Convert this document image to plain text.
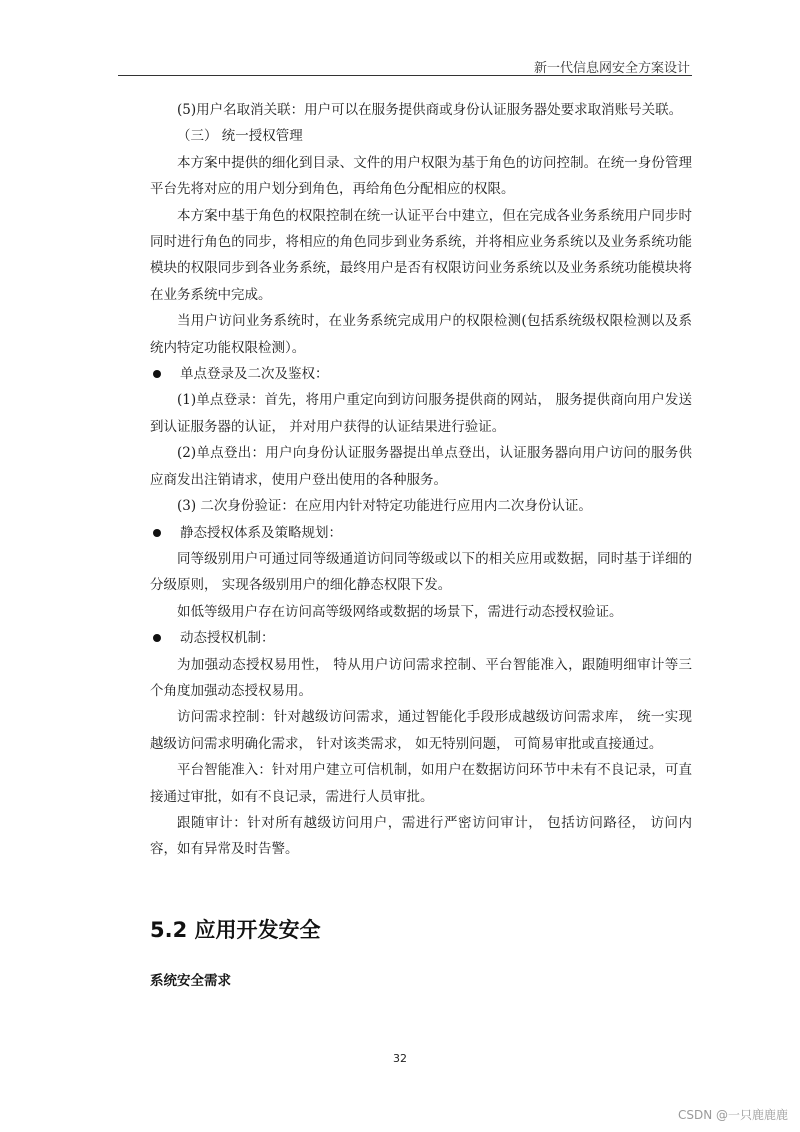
新一代信息网安全方案设计

(5)用户名取消关联：用户可以在服务提供商或身份认证服务器处要求取消账号关联。

（三） 统一授权管理

本方案中提供的细化到目录、文件的用户权限为基于角色的访问控制。在统一身份管理平台先将对应的用户划分到角色，再给角色分配相应的权限。

本方案中基于角色的权限控制在统一认证平台中建立，但在完成各业务系统用户同步时同时进行角色的同步，将相应的角色同步到业务系统，并将相应业务系统以及业务系统功能模块的权限同步到各业务系统，最终用户是否有权限访问业务系统以及业务系统功能模块将在业务系统中完成。

当用户访问业务系统时，在业务系统完成用户的权限检测(包括系统级权限检测以及系统内特定功能权限检测）。

单点登录及二次及鉴权：

(1)单点登录：首先，将用户重定向到访问服务提供商的网站， 服务提供商向用户发送到认证服务器的认证， 并对用户获得的认证结果进行验证。

(2)单点登出：用户向身份认证服务器提出单点登出，认证服务器向用户访问的服务供应商发出注销请求，使用户登出使用的各种服务。

(3) 二次身份验证：在应用内针对特定功能进行应用内二次身份认证。

静态授权体系及策略规划：

同等级别用户可通过同等级通道访问同等级或以下的相关应用或数据，同时基于详细的分级原则， 实现各级别用户的细化静态权限下发。

如低等级用户存在访问高等级网络或数据的场景下，需进行动态授权验证。

动态授权机制：

为加强动态授权易用性， 特从用户访问需求控制、平台智能准入，跟随明细审计等三个角度加强动态授权易用。

访问需求控制：针对越级访问需求，通过智能化手段形成越级访问需求库， 统一实现越级访问需求明确化需求， 针对该类需求， 如无特别问题， 可简易审批或直接通过。

平台智能准入：针对用户建立可信机制，如用户在数据访问环节中未有不良记录，可直接通过审批，如有不良记录，需进行人员审批。

跟随审计：针对所有越级访问用户，需进行严密访问审计， 包括访问路径， 访问内容，如有异常及时告警。

5.2 应用开发安全
系统安全需求
32
CSDN @一只鹿鹿鹿
